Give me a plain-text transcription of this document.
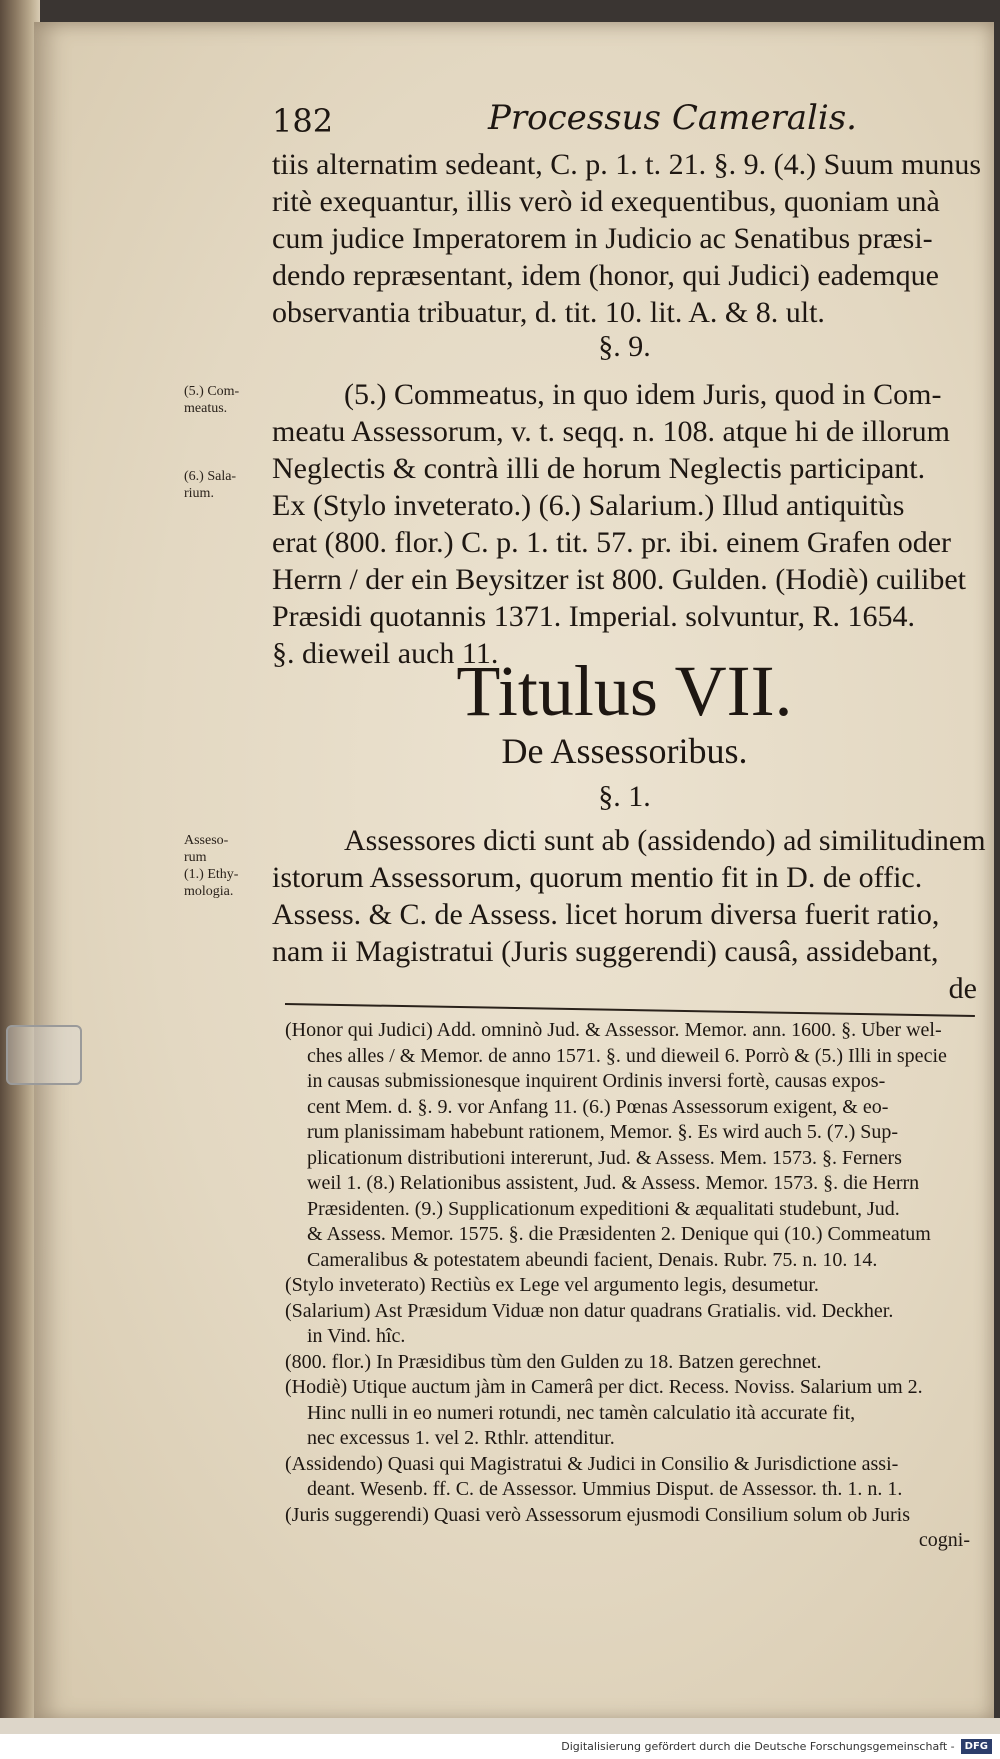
182	Processus Cameralis.
tiis alternatim sedeant, C. p. 1. t. 21. §. 9. (4.) Suum munus
ritè exequantur, illis verò id exequentibus, quoniam unà
cum judice Imperatorem in Judicio ac Senatibus præsi-
dendo repræsentant, idem (honor, qui Judici) eademque
observantia tribuatur, d. tit. 10. lit. A. & 8. ult.
§. 9.
(5.) Commeatus, in quo idem Juris, quod in Com-
meatu Assessorum, v. t. seqq. n. 108. atque hi de illorum
Neglectis & contrà illi de horum Neglectis participant.
Ex (Stylo inveterato.) (6.) Salarium.) Illud antiquitùs
erat (800. flor.) C. p. 1. tit. 57. pr. ibi. einem Grafen oder
Herrn / der ein Beysitzer ist 800. Gulden. (Hodiè) cuilibet
Præsidi quotannis 1371. Imperial. solvuntur, R. 1654.
§. dieweil auch 11.
(5.) Com-
meatus.
(6.) Sala-
rium.
Titulus VII.
De Assessoribus.
§. 1.
Assessores dicti sunt ab (assidendo) ad similitudinem
istorum Assessorum, quorum mentio fit in D. de offic.
Assess. & C. de Assess. licet horum diversa fuerit ratio,
nam ii Magistratui (Juris suggerendi) causâ, assidebant,
de
Asseso-
rum
(1.) Ethy-
mologia.
(Honor qui Judici) Add. omninò Jud. & Assessor. Memor. ann. 1600. §. Uber wel-
ches alles / & Memor. de anno 1571. §. und dieweil 6. Porrò & (5.) Illi in specie
in causas submissionesque inquirent Ordinis inversi fortè, causas expos-
cent Mem. d. §. 9. vor Anfang 11. (6.) Pœnas Assessorum exigent, & eo-
rum planissimam habebunt rationem, Memor. §. Es wird auch 5. (7.) Sup-
plicationum distributioni intererunt, Jud. & Assess. Mem. 1573. §. Ferners
weil 1. (8.) Relationibus assistent, Jud. & Assess. Memor. 1573. §. die Herrn
Præsidenten. (9.) Supplicationum expeditioni & æqualitati studebunt, Jud.
& Assess. Memor. 1575. §. die Præsidenten 2. Denique qui (10.) Commeatum
Cameralibus & potestatem abeundi facient, Denais. Rubr. 75. n. 10. 14.
(Stylo inveterato) Rectiùs ex Lege vel argumento legis, desumetur.
(Salarium) Ast Præsidum Viduæ non datur quadrans Gratialis. vid. Deckher.
in Vind. hîc.
(800. flor.) In Præsidibus tùm den Gulden zu 18. Batzen gerechnet.
(Hodiè) Utique auctum jàm in Camerâ per dict. Recess. Noviss. Salarium um 2.
Hinc nulli in eo numeri rotundi, nec tamèn calculatio ità accurate fit,
nec excessus 1. vel 2. Rthlr. attenditur.
(Assidendo) Quasi qui Magistratui & Judici in Consilio & Jurisdictione assi-
deant. Wesenb. ff. C. de Assessor. Ummius Disput. de Assessor. th. 1. n. 1.
(Juris suggerendi) Quasi verò Assessorum ejusmodi Consilium solum ob Juris
cogni-
Digitalisierung gefördert durch die Deutsche Forschungsgemeinschaft -	DFG
